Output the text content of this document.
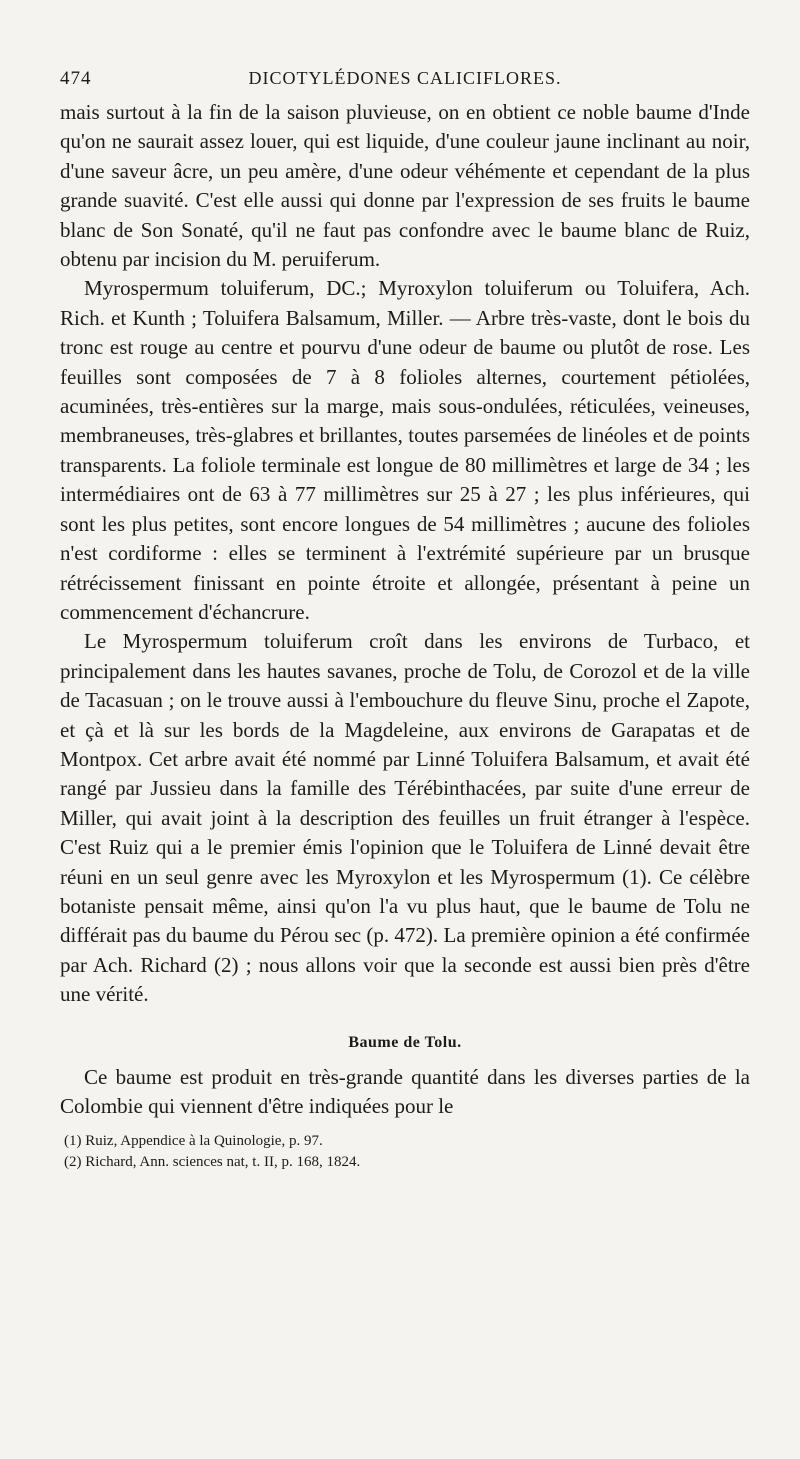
474	DICOTYLÉDONES CALICIFLORES.

mais surtout à la fin de la saison pluvieuse, on en obtient ce noble baume d'Inde qu'on ne saurait assez louer, qui est liquide, d'une couleur jaune inclinant au noir, d'une saveur âcre, un peu amère, d'une odeur véhémente et cependant de la plus grande suavité. C'est elle aussi qui donne par l'expression de ses fruits le baume blanc de Son Sonaté, qu'il ne faut pas confondre avec le baume blanc de Ruiz, obtenu par incision du M. peruiferum.

Myrospermum toluiferum, DC.; Myroxylon toluiferum ou Toluifera, Ach. Rich. et Kunth ; Toluifera Balsamum, Miller. — Arbre très-vaste, dont le bois du tronc est rouge au centre et pourvu d'une odeur de baume ou plutôt de rose. Les feuilles sont composées de 7 à 8 folioles alternes, courtement pétiolées, acuminées, très-entières sur la marge, mais sous-ondulées, réticulées, veineuses, membraneuses, très-glabres et brillantes, toutes parsemées de linéoles et de points transparents. La foliole terminale est longue de 80 millimètres et large de 34 ; les intermédiaires ont de 63 à 77 millimètres sur 25 à 27 ; les plus inférieures, qui sont les plus petites, sont encore longues de 54 millimètres ; aucune des folioles n'est cordiforme : elles se terminent à l'extrémité supérieure par un brusque rétrécissement finissant en pointe étroite et allongée, présentant à peine un commencement d'échancrure.

Le Myrospermum toluiferum croît dans les environs de Turbaco, et principalement dans les hautes savanes, proche de Tolu, de Corozol et de la ville de Tacasuan ; on le trouve aussi à l'embouchure du fleuve Sinu, proche el Zapote, et çà et là sur les bords de la Magdeleine, aux environs de Garapatas et de Montpox. Cet arbre avait été nommé par Linné Toluifera Balsamum, et avait été rangé par Jussieu dans la famille des Térébinthacées, par suite d'une erreur de Miller, qui avait joint à la description des feuilles un fruit étranger à l'espèce. C'est Ruiz qui a le premier émis l'opinion que le Toluifera de Linné devait être réuni en un seul genre avec les Myroxylon et les Myrospermum (1). Ce célèbre botaniste pensait même, ainsi qu'on l'a vu plus haut, que le baume de Tolu ne différait pas du baume du Pérou sec (p. 472). La première opinion a été confirmée par Ach. Richard (2) ; nous allons voir que la seconde est aussi bien près d'être une vérité.

Baume de Tolu.

Ce baume est produit en très-grande quantité dans les diverses parties de la Colombie qui viennent d'être indiquées pour le

(1) Ruiz, Appendice à la Quinologie, p. 97.

(2) Richard, Ann. sciences nat, t. II, p. 168, 1824.
